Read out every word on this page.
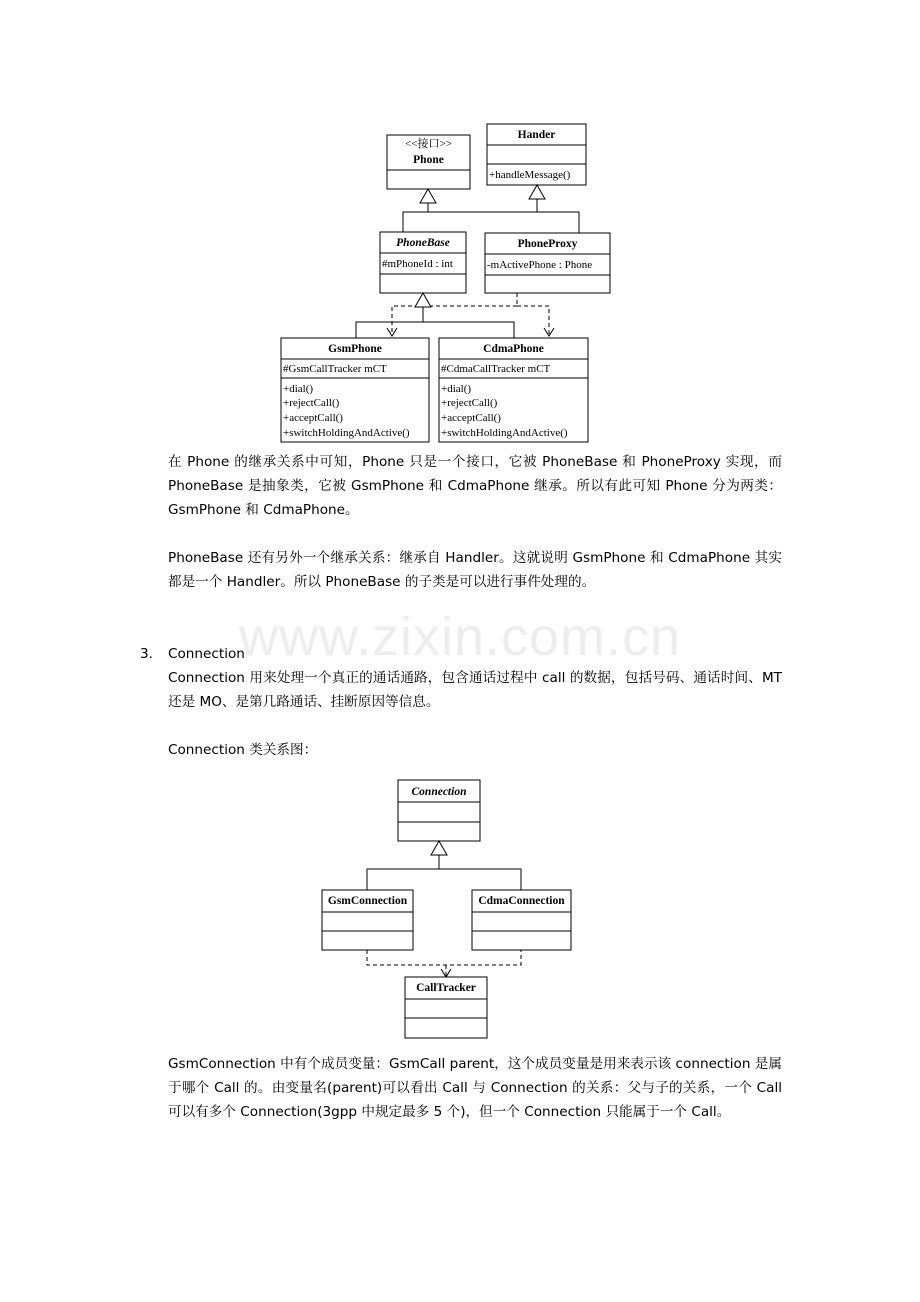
<<接口>>
Phone
Hander
+handleMessage()
PhoneBase
#mPhoneId : int
PhoneProxy
-mActivePhone : Phone
GsmPhone
#GsmCallTracker mCT
+dial()
+rejectCall()
+acceptCall()
+switchHoldingAndActive()
CdmaPhone
#CdmaCallTracker mCT
+dial()
+rejectCall()
+acceptCall()
+switchHoldingAndActive()

在 Phone 的继承关系中可知，Phone 只是一个接口，它被 PhoneBase 和 PhoneProxy 实现，而 PhoneBase 是抽象类，它被 GsmPhone 和 CdmaPhone 继承。所以有此可知 Phone 分为两类：GsmPhone 和 CdmaPhone。

PhoneBase 还有另外一个继承关系：继承自 Handler。这就说明 GsmPhone 和 CdmaPhone 其实都是一个 Handler。所以 PhoneBase 的子类是可以进行事件处理的。

www.zixin.com.cn
3. Connection

Connection 用来处理一个真正的通话通路，包含通话过程中 call 的数据，包括号码、通话时间、MT 还是 MO、是第几路通话、挂断原因等信息。

Connection 类关系图：

Connection
GsmConnection	CdmaConnection
CallTracker

GsmConnection 中有个成员变量：GsmCall parent，这个成员变量是用来表示该 connection 是属于哪个 Call 的。由变量名(parent)可以看出 Call 与 Connection 的关系：父与子的关系，一个 Call 可以有多个 Connection(3gpp 中规定最多 5 个)，但一个 Connection 只能属于一个 Call。
